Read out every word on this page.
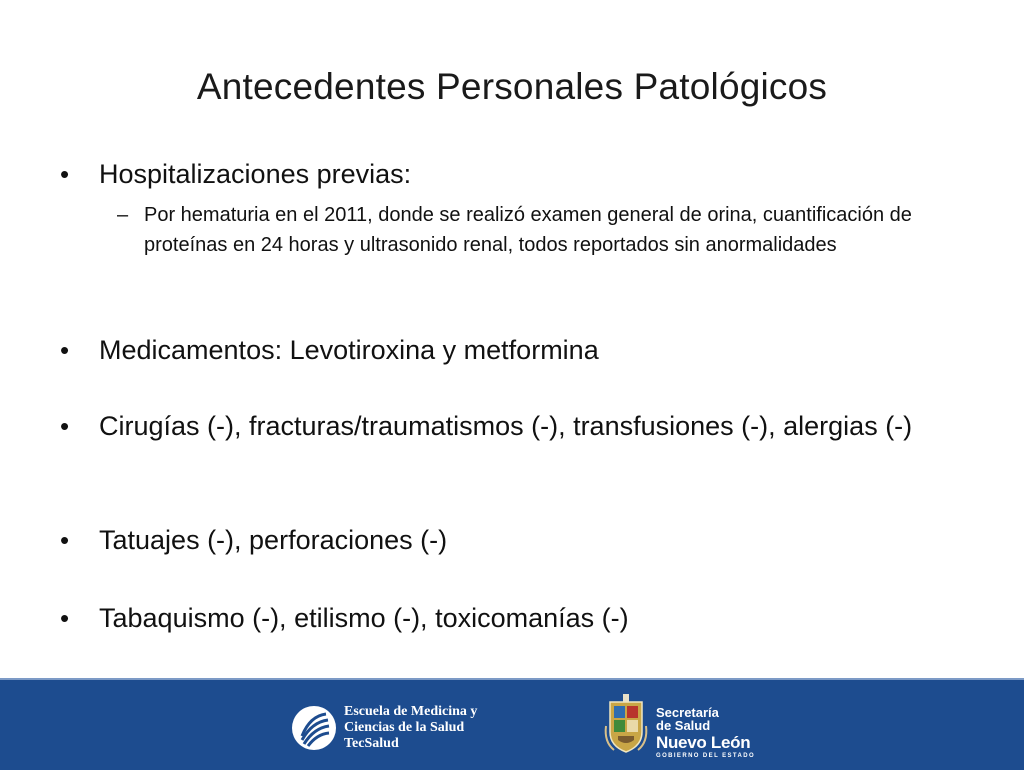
Antecedentes Personales Patológicos
• Hospitalizaciones previas:
– Por hematuria en el 2011, donde se realizó examen general de orina, cuantificación de proteínas en 24 horas y ultrasonido renal, todos reportados sin anormalidades
• Medicamentos: Levotiroxina y metformina
• Cirugías (-), fracturas/traumatismos (-), transfusiones (-), alergias (-)
• Tatuajes (-), perforaciones (-)
• Tabaquismo (-), etilismo (-), toxicomanías (-)
Escuela de Medicina y
Ciencias de la Salud
TecSalud
Secretaría
de Salud
Nuevo León
GOBIERNO DEL ESTADO
